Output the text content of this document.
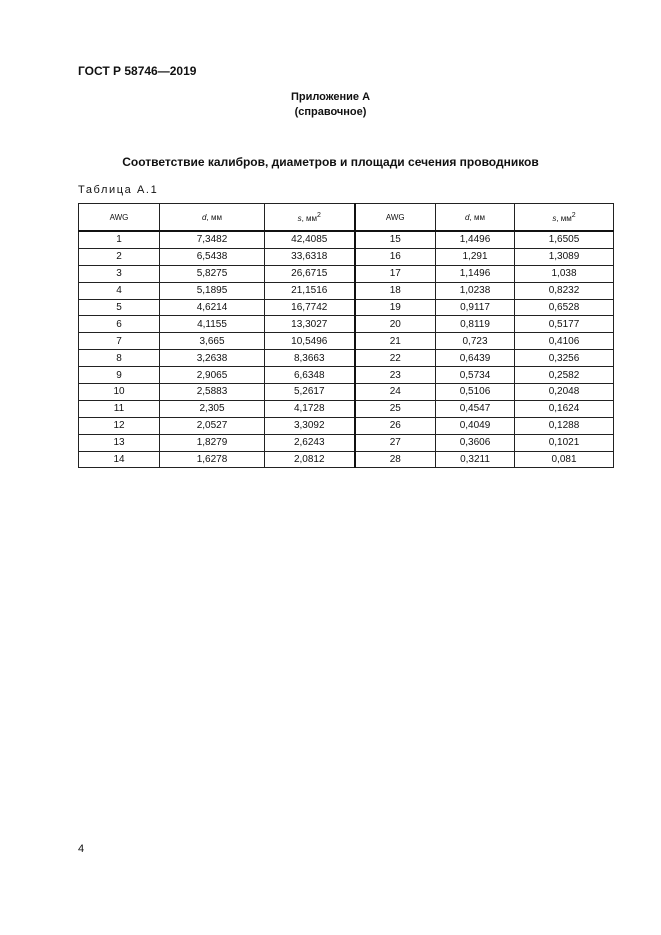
ГОСТ Р 58746—2019
Приложение А
(справочное)
Соответствие калибров, диаметров и площади сечения проводников
Таблица А.1
AWG	d, мм	s, $мм^2$	AWG	d, мм	s, $мм^2$
1	7,3482	42,4085	15	1,4496	1,6505
2	6,5438	33,6318	16	1,291	1,3089
3	5,8275	26,6715	17	1,1496	1,038
4	5,1895	21,1516	18	1,0238	0,8232
5	4,6214	16,7742	19	0,9117	0,6528
6	4,1155	13,3027	20	0,8119	0,5177
7	3,665	10,5496	21	0,723	0,4106
8	3,2638	8,3663	22	0,6439	0,3256
9	2,9065	6,6348	23	0,5734	0,2582
10	2,5883	5,2617	24	0,5106	0,2048
11	2,305	4,1728	25	0,4547	0,1624
12	2,0527	3,3092	26	0,4049	0,1288
13	1,8279	2,6243	27	0,3606	0,1021
14	1,6278	2,0812	28	0,3211	0,081
4
